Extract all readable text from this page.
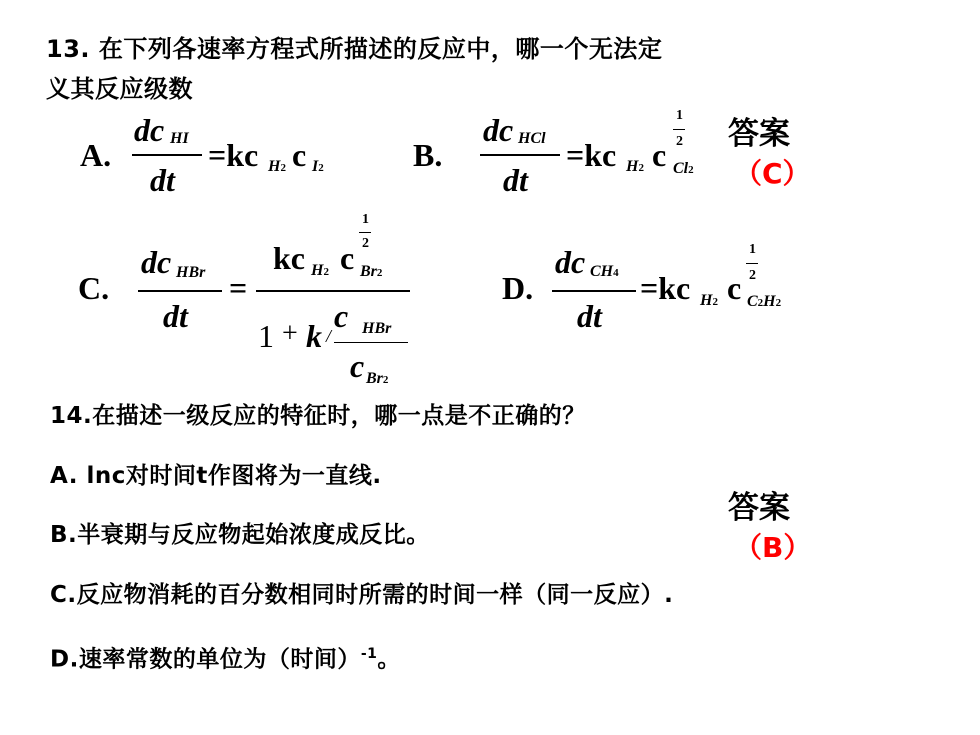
13. 在下列各速率方程式所描述的反应中，哪一个无法定
义其反应级数
A.
dc HI
dt
=kc H2 c I2	B.
dc HCl
dt
=kc H2 c Cl2
1
2 答案
（C）
C.
dc HBr
dt
=
kc H2 c Br2
1
2
1 + k /
c HBr
c Br2
D.
dc CH4
dt
=kc H2 c C2H2
1
2
14.在描述一级反应的特征时，哪一点是不正确的？
A. lnc对时间t作图将为一直线.
B.半衰期与反应物起始浓度成反比。
C.反应物消耗的百分数相同时所需的时间一样（同一反应）.
D.速率常数的单位为（时间）$^{-1}$。
答案
（B）
